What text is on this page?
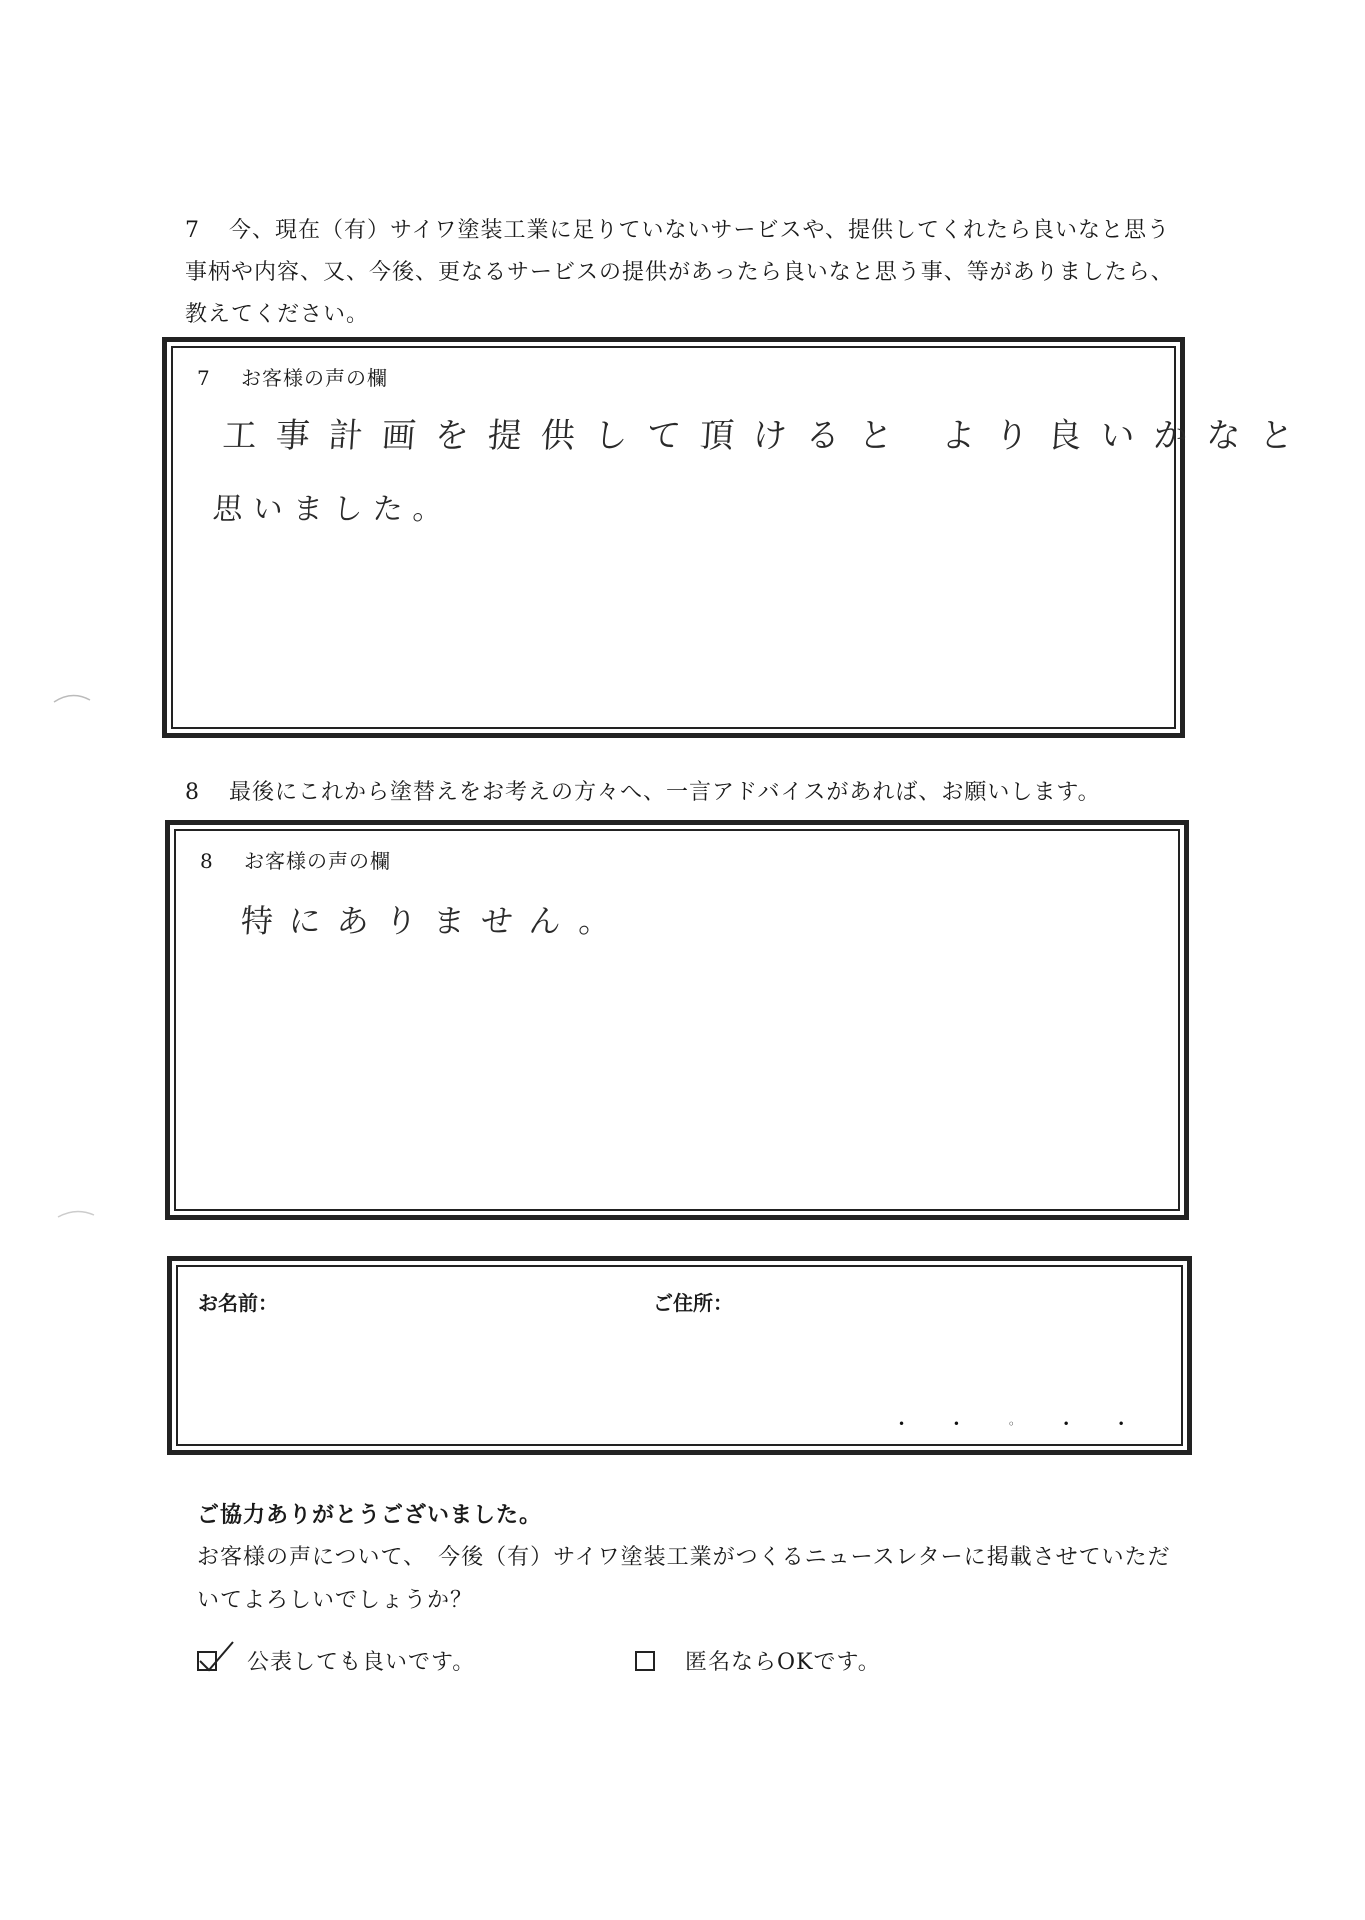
7 今、現在（有）サイワ塗装工業に足りていないサービスや、提供してくれたら良いなと思う事柄や内容、又、今後、更なるサービスの提供があったら良いなと思う事、等がありましたら、教えてください。
7 お客様の声の欄
工事計画を提供して頂けると より良いかなと
思いました。
8 最後にこれから塗替えをお考えの方々へ、一言アドバイスがあれば、お願いします。
8 お客様の声の欄
特にありません。
お名前：	ご住所：
• • ◦ • •
ご協力ありがとうございました。
お客様の声について、　今後（有）サイワ塗装工業がつくるニュースレターに掲載させていただいてよろしいでしょうか？
公表しても良いです。	匿名ならOKです。
